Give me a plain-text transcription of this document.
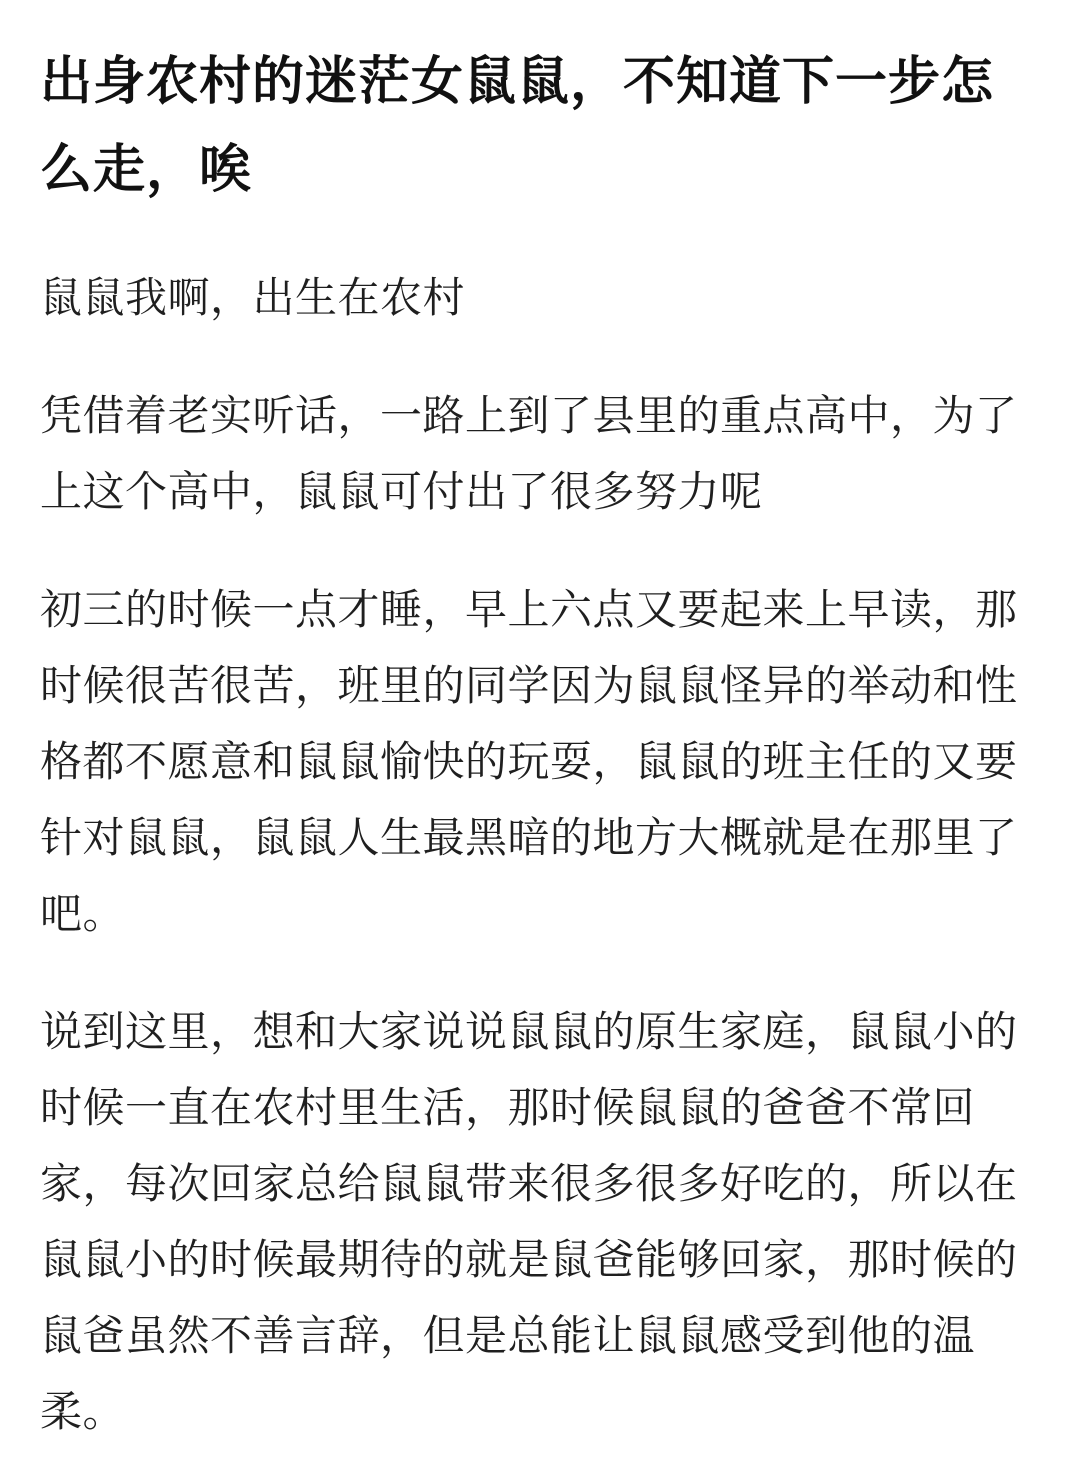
出身农村的迷茫女鼠鼠，不知道下一步怎么走，唉

鼠鼠我啊，出生在农村

凭借着老实听话，一路上到了县里的重点高中，为了上这个高中，鼠鼠可付出了很多努力呢

初三的时候一点才睡，早上六点又要起来上早读，那时候很苦很苦，班里的同学因为鼠鼠怪异的举动和性格都不愿意和鼠鼠愉快的玩耍，鼠鼠的班主任的又要针对鼠鼠，鼠鼠人生最黑暗的地方大概就是在那里了吧。

说到这里，想和大家说说鼠鼠的原生家庭，鼠鼠小的时候一直在农村里生活，那时候鼠鼠的爸爸不常回家，每次回家总给鼠鼠带来很多很多好吃的，所以在鼠鼠小的时候最期待的就是鼠爸能够回家，那时候的鼠爸虽然不善言辞，但是总能让鼠鼠感受到他的温柔。
